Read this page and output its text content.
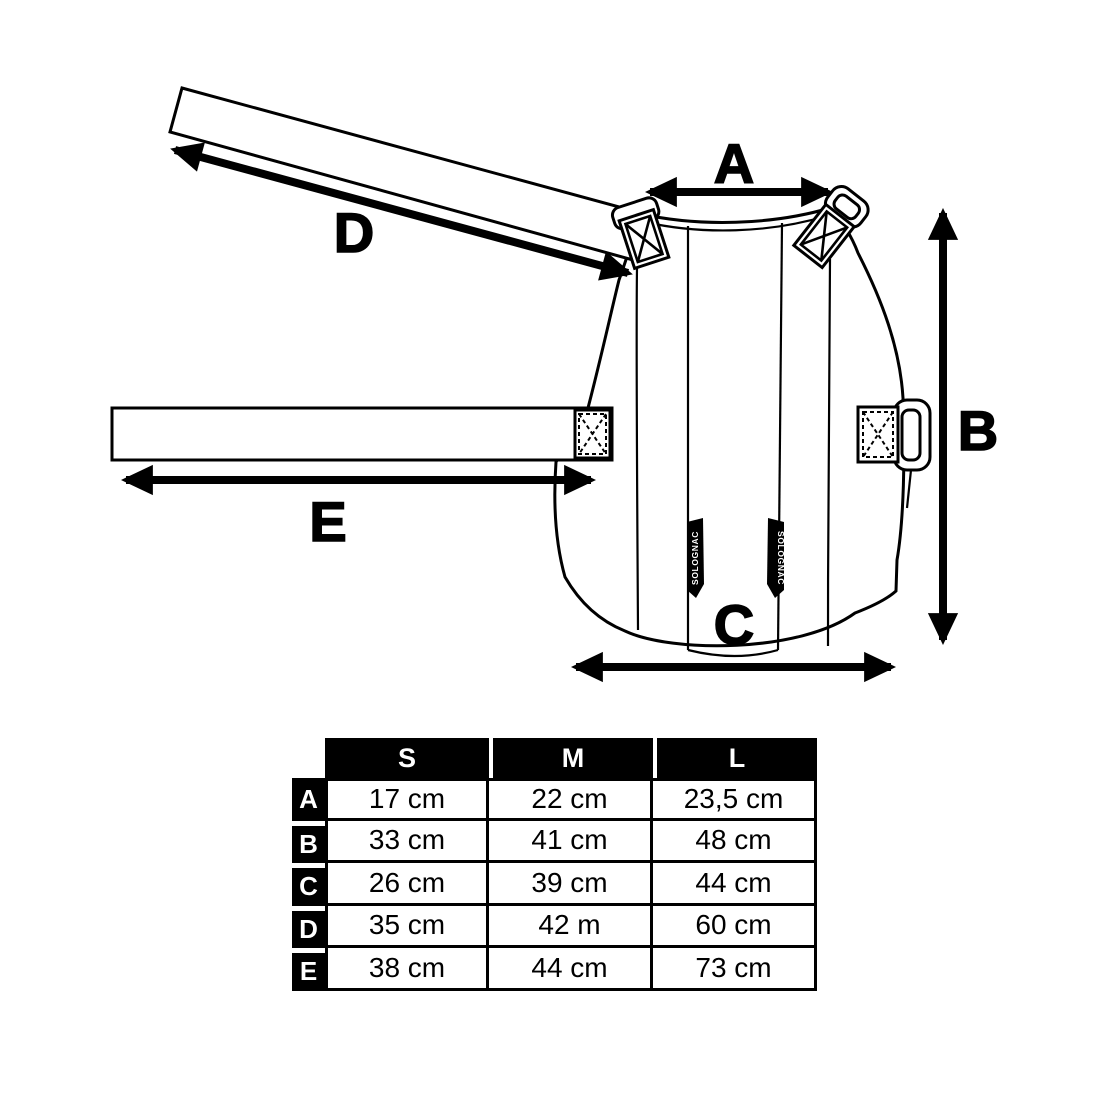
SOLOGNAC	SOLOGNAC
A
B
C
D
E
S	M	L
A	17 cm	22 cm	23,5 cm
B	33 cm	41 cm	48 cm
C	26 cm	39 cm	44 cm
D	35 cm	42 m	60 cm
E	38 cm	44 cm	73 cm
